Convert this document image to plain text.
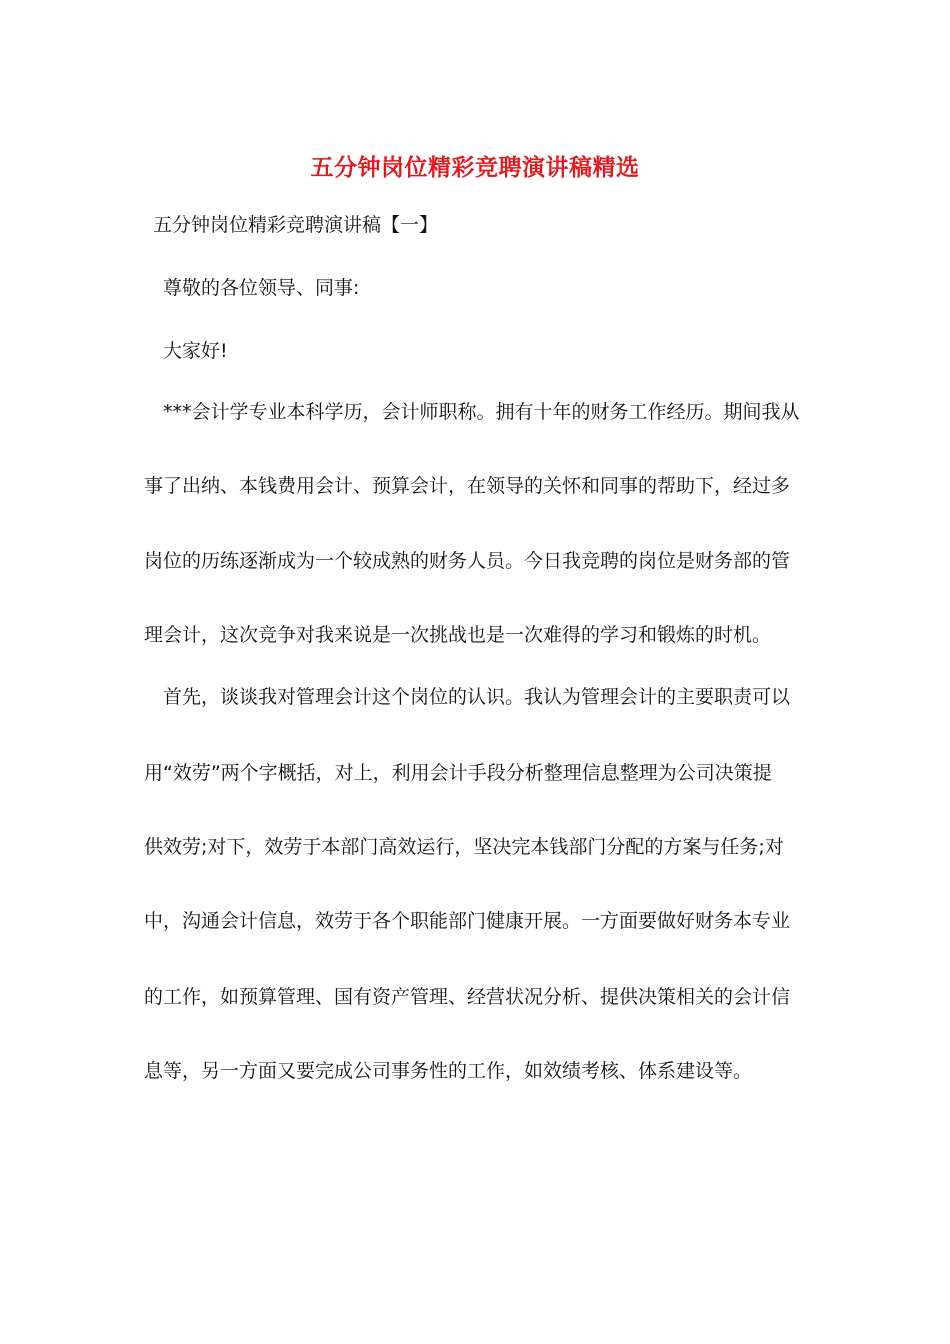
五分钟岗位精彩竞聘演讲稿精选
五分钟岗位精彩竞聘演讲稿【一】
尊敬的各位领导、同事:
大家好!
***会计学专业本科学历，会计师职称。拥有十年的财务工作经历。期间我从
事了出纳、本钱费用会计、预算会计，在领导的关怀和同事的帮助下，经过多
岗位的历练逐渐成为一个较成熟的财务人员。今日我竞聘的岗位是财务部的管
理会计，这次竞争对我来说是一次挑战也是一次难得的学习和锻炼的时机。
首先，谈谈我对管理会计这个岗位的认识。我认为管理会计的主要职责可以
用“效劳”两个字概括，对上，利用会计手段分析整理信息整理为公司决策提
供效劳;对下，效劳于本部门高效运行，坚决完本钱部门分配的方案与任务;对
中，沟通会计信息，效劳于各个职能部门健康开展。一方面要做好财务本专业
的工作，如预算管理、国有资产管理、经营状况分析、提供决策相关的会计信
息等，另一方面又要完成公司事务性的工作，如效绩考核、体系建设等。
